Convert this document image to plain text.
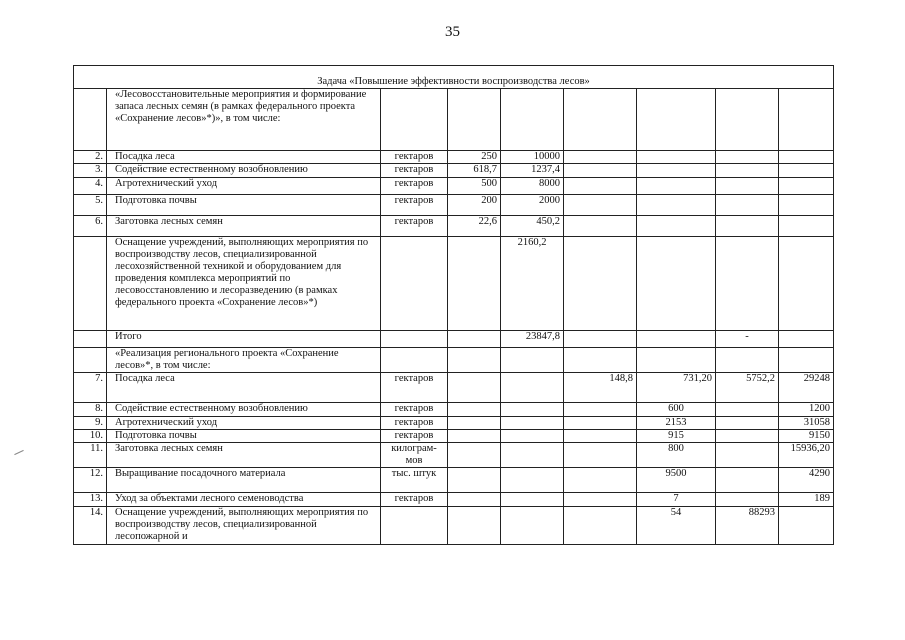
35
Задача «Повышение эффективности воспроизводства лесов»								
	«Лесовосстановительные мероприятия и формирование запаса лесных семян (в рамках федерального проекта «Сохранение лесов»*)», в том числе:							
2.	Посадка леса	гектаров	250	10000				
3.	Содействие естественному возобновлению	гектаров	618,7	1237,4				
4.	Агротехнический уход	гектаров	500	8000				
5.	Подготовка почвы	гектаров	200	2000				
6.	Заготовка лесных семян	гектаров	22,6	450,2				
	Оснащение учреждений, выполняющих мероприятия по воспроизводству лесов, специализированной лесохозяйственной техникой и оборудованием для проведения комплекса мероприятий по лесовосстановлению и лесоразведению (в рамках федерального проекта «Сохранение лесов»*)			2160,2				
	Итого			23847,8			-	
	«Реализация регионального проекта «Сохранение лесов»*, в том числе:							
7.	Посадка леса	гектаров			148,8	731,20	5752,2	29248
8.	Содействие естественному возобновлению	гектаров				600		1200
9.	Агротехнический уход	гектаров				2153		31058
10.	Подготовка почвы	гектаров				915		9150
11.	Заготовка лесных семян	килограм-мов				800		15936,20
12.	Выращивание посадочного материала	тыс. штук				9500		4290
13.	Уход за объектами лесного семеноводства	гектаров				7		189
14.	Оснащение учреждений, выполняющих мероприятия по воспроизводству лесов, специализированной лесопожарной и					54	88293	
